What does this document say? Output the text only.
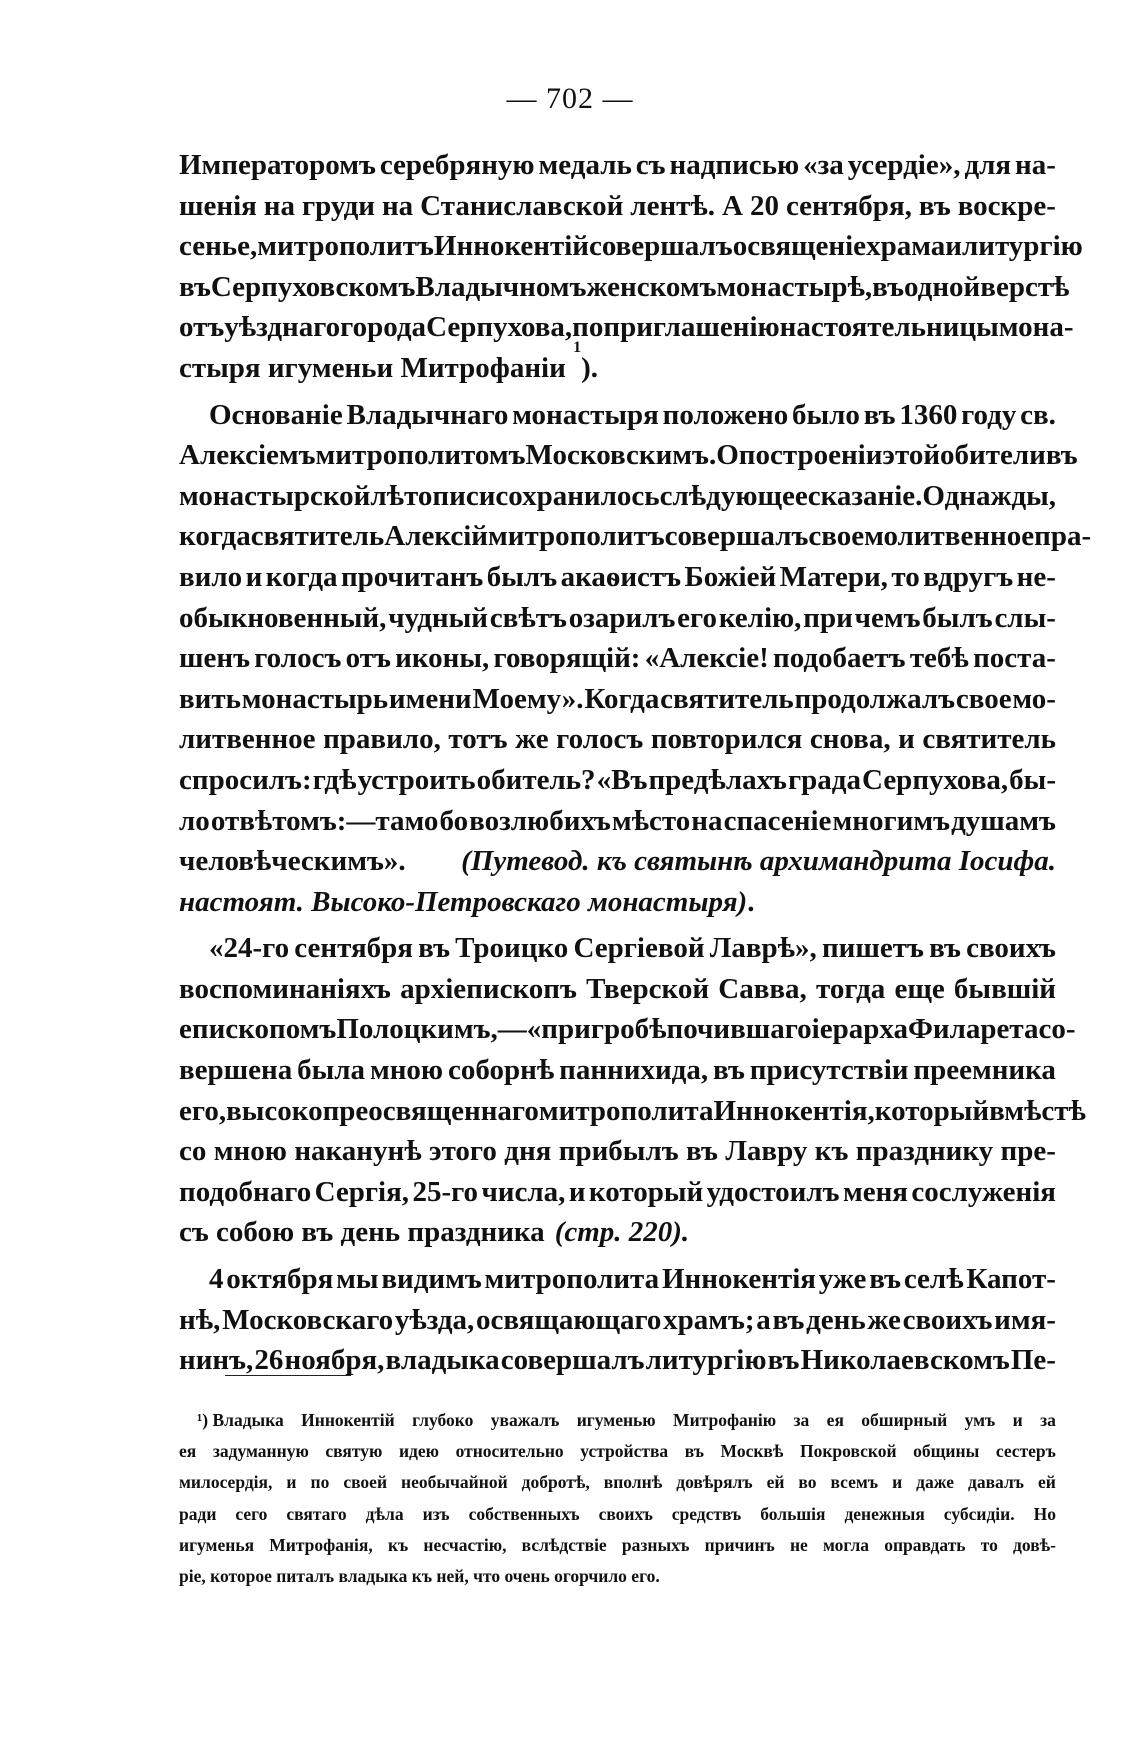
— 702 —
Императоромъ серебряную медаль съ надписью «за усердіе», для на-
шенія на груди на Станиславской лентѣ. А 20 сентября, въ воскре-
сенье, митрополитъ Иннокентій совершалъ освященіе храма и литургію
въ Серпуховскомъ Владычномъ женскомъ монастырѣ, въ одной верстѣ
отъ уѣзднаго города Серпухова, по приглашенію настоятельницы мона-
стыря игуменьи Митрофаніи

1
).
Основаніе Владычнаго монастыря положено было въ 1360 году св.
Алексіемъ митрополитомъ Московскимъ. О построеніи этой обители въ
монастырской лѣтописи сохранилось слѣдующее сказаніе. Однажды,
когда святитель Алексій митрополитъ совершалъ свое молитвенное пра-
вило и когда прочитанъ былъ акаѳистъ Божіей Матери, то вдругъ не-
обыкновенный, чудный свѣтъ озарилъ его келію, при чемъ былъ слы-
шенъ голосъ отъ иконы, говорящій: «Алексіе! подобаетъ тебѣ поста-
вить монастырь имени Моему». Когда святитель продолжалъ свое мо-
литвенное правило, тотъ же голосъ повторился снова, и святитель
спросилъ: гдѣ устроить обитель? «Въ предѣлахъ града Серпухова, бы-
ло отвѣтомъ:—тамо бо возлюбихъ мѣсто на спасеніе многимъ душамъ
человѣческимъ». (Путевод. къ святынѣ архимандрита Іосифа.
настоят. Высоко-Петровскаго монастыря) .
«24-го сентября въ Троицко Сергіевой Лаврѣ», пишетъ въ своихъ
воспоминаніяхъ архіепископъ Тверской Савва, тогда еще бывшій
епископомъ Полоцкимъ,—«при гробѣ почившаго іерарха Филарета со-
вершена была мною соборнѣ паннихида, въ присутствіи преемника
его, высокопреосвященнаго митрополита Иннокентія, который вмѣстѣ
со мною наканунѣ этого дня прибылъ въ Лавру къ празднику пре-
подобнаго Сергія, 25-го числа, и который удостоилъ меня сослуженія
съ собою въ день праздника (стр. 220).
4 октября мы видимъ митрополита Иннокентія уже въ селѣ Капот-
нѣ, Московскаго уѣзда, освящающаго храмъ; а въ день же своихъ имя-
нинъ, 26 ноября, владыка совершалъ литургію въ Николаевскомъ Пе-
¹)
Владыка Иннокентій глубоко уважалъ игуменью Митрофанію за ея обширный умъ и за
ея задуманную святую идею относительно устройства въ Москвѣ Покровской общины сестеръ
милосердія, и по своей необычайной добротѣ, вполнѣ довѣрялъ ей во всемъ и даже давалъ ей
ради сего святаго дѣла изъ собственныхъ своихъ средствъ большія денежныя субсидіи. Но
игуменья Митрофанія, къ несчастію, вслѣдствіе разныхъ причинъ не могла оправдать то довѣ-
ріе, которое питалъ владыка къ ней, что очень огорчило его.
